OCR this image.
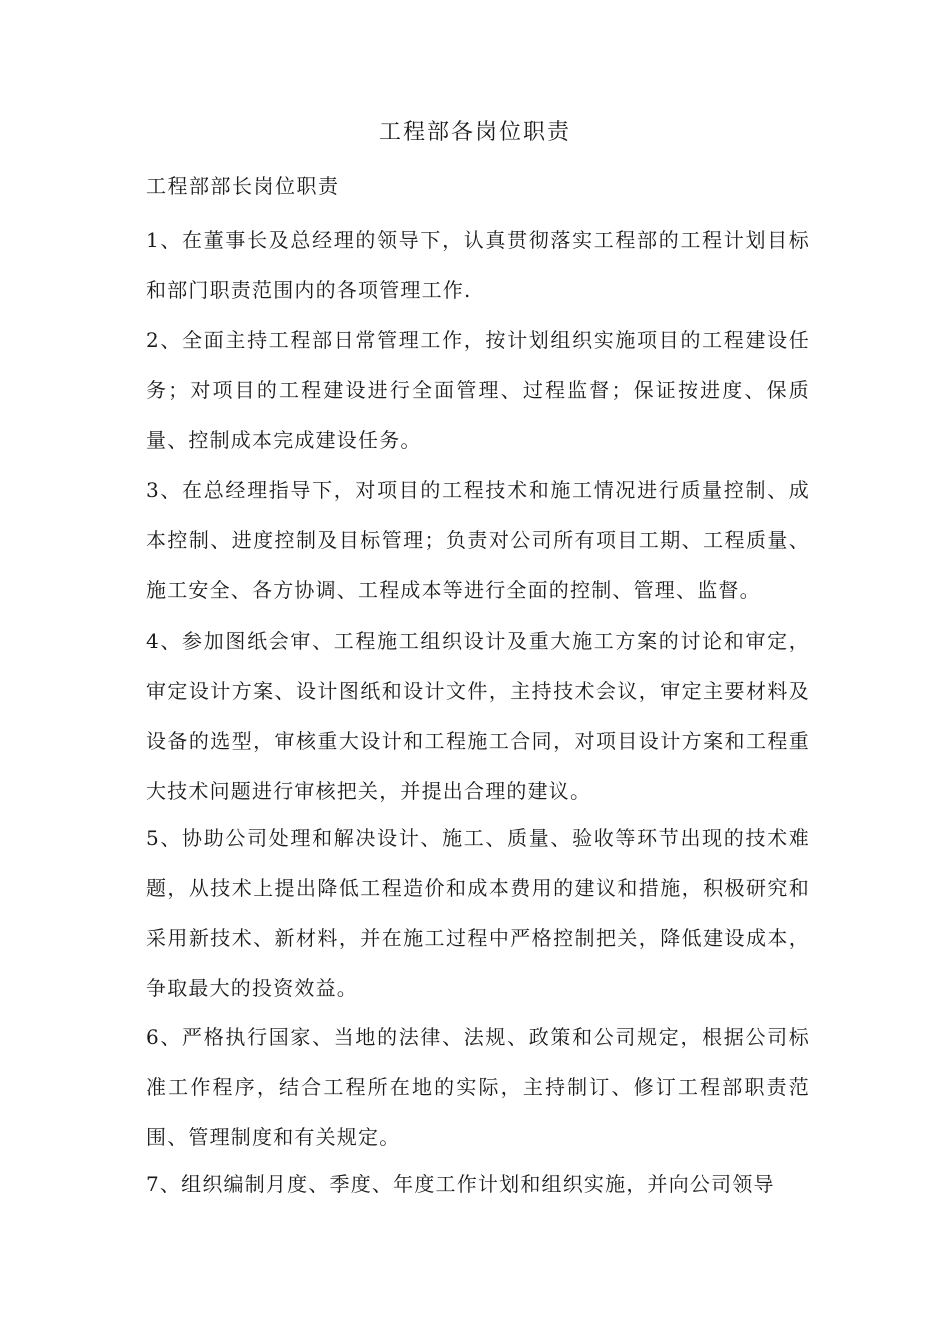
工程部各岗位职责
工程部部长岗位职责

1、在董事长及总经理的领导下，认真贯彻落实工程部的工程计划目标和部门职责范围内的各项管理工作.

2、全面主持工程部日常管理工作，按计划组织实施项目的工程建设任务；对项目的工程建设进行全面管理、过程监督；保证按进度、保质量、控制成本完成建设任务。

3、在总经理指导下，对项目的工程技术和施工情况进行质量控制、成本控制、进度控制及目标管理；负责对公司所有项目工期、工程质量、施工安全、各方协调、工程成本等进行全面的控制、管理、监督。

4、参加图纸会审、工程施工组织设计及重大施工方案的讨论和审定，审定设计方案、设计图纸和设计文件，主持技术会议，审定主要材料及设备的选型，审核重大设计和工程施工合同，对项目设计方案和工程重大技术问题进行审核把关，并提出合理的建议。

5、协助公司处理和解决设计、施工、质量、验收等环节出现的技术难题，从技术上提出降低工程造价和成本费用的建议和措施，积极研究和采用新技术、新材料，并在施工过程中严格控制把关，降低建设成本，争取最大的投资效益。

6、严格执行国家、当地的法律、法规、政策和公司规定，根据公司标准工作程序，结合工程所在地的实际，主持制订、修订工程部职责范围、管理制度和有关规定。

7、组织编制月度、季度、年度工作计划和组织实施，并向公司领导
